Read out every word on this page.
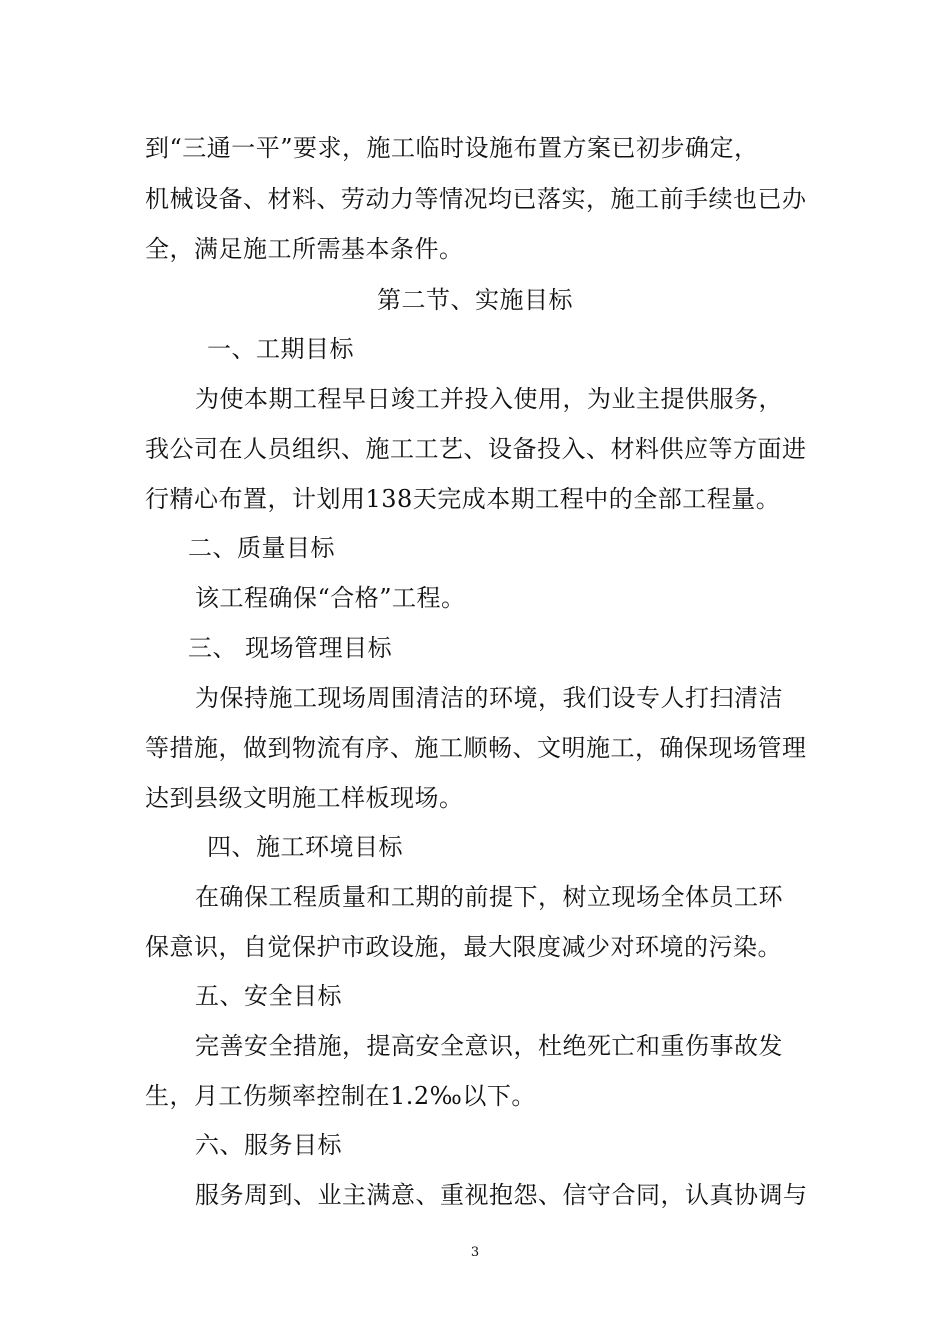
到“三通一平”要求，施工临时设施布置方案已初步确定，
机械设备、材料、劳动力等情况均已落实，施工前手续也已办
全，满足施工所需基本条件。
第二节、实施目标
一、工期目标
为使本期工程早日竣工并投入使用，为业主提供服务，
我公司在人员组织、施工工艺、设备投入、材料供应等方面进
行精心布置，计划用138天完成本期工程中的全部工程量。
二、质量目标
该工程确保“合格”工程。
三、 现场管理目标
为保持施工现场周围清洁的环境，我们设专人打扫清洁
等措施，做到物流有序、施工顺畅、文明施工，确保现场管理
达到县级文明施工样板现场。
四、施工环境目标
在确保工程质量和工期的前提下，树立现场全体员工环
保意识，自觉保护市政设施，最大限度减少对环境的污染。
五、安全目标
完善安全措施，提高安全意识，杜绝死亡和重伤事故发
生，月工伤频率控制在1.2‰以下。
六、服务目标
服务周到、业主满意、重视抱怨、信守合同，认真协调与
3
